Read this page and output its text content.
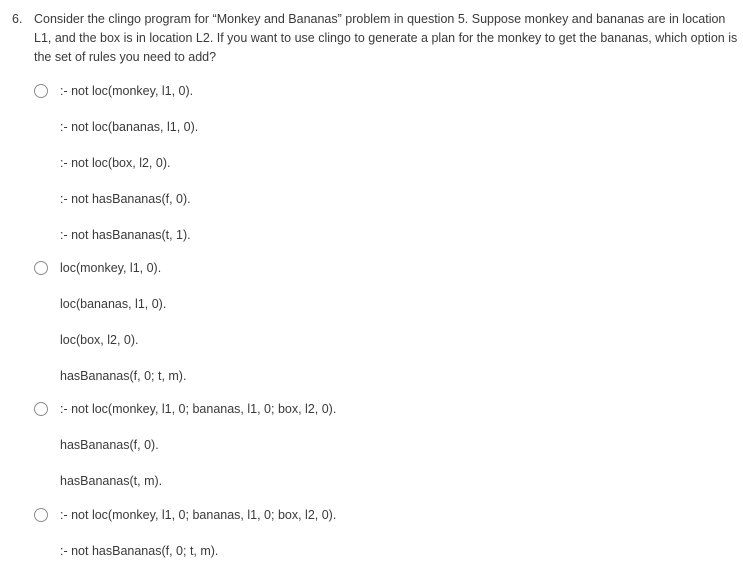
6. Consider the clingo program for “Monkey and Bananas” problem in question 5. Suppose monkey and bananas are in location L1, and the box is in location L2. If you want to use clingo to generate a plan for the monkey to get the bananas, which option is the set of rules you need to add?
:- not loc(monkey, l1, 0).
:- not loc(bananas, l1, 0).
:- not loc(box, l2, 0).
:- not hasBananas(f, 0).
:- not hasBananas(t, 1).
loc(monkey, l1, 0).
loc(bananas, l1, 0).
loc(box, l2, 0).
hasBananas(f, 0; t, m).
:- not loc(monkey, l1, 0; bananas, l1, 0; box, l2, 0).
hasBananas(f, 0).
hasBananas(t, m).
:- not loc(monkey, l1, 0; bananas, l1, 0; box, l2, 0).
:- not hasBananas(f, 0; t, m).
